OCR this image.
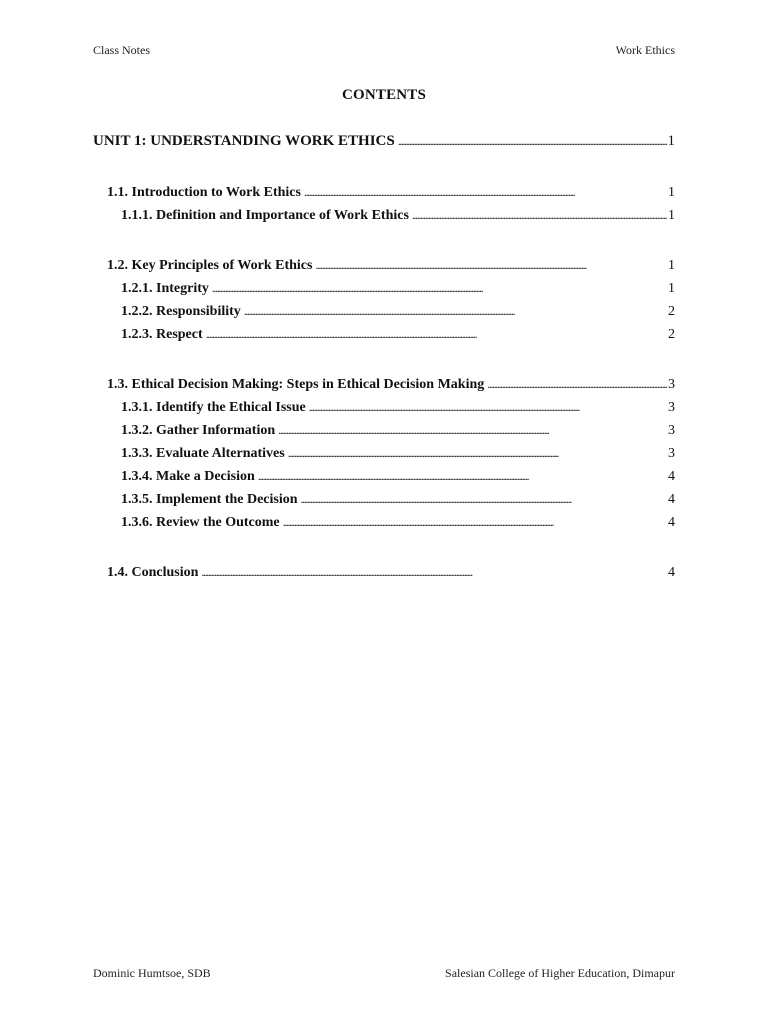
Class Notes	Work Ethics
CONTENTS
UNIT 1: UNDERSTANDING WORK ETHICS . . .	1
1.1. Introduction to Work Ethics . . .	1
1.1.1. Definition and Importance of Work Ethics . . .	1
1.2. Key Principles of Work Ethics . . .	1
1.2.1. Integrity . . .	1
1.2.2. Responsibility . . .	2
1.2.3. Respect . . .	2
1.3. Ethical Decision Making: Steps in Ethical Decision Making . . .	3
1.3.1. Identify the Ethical Issue . . .	3
1.3.2. Gather Information . . .	3
1.3.3. Evaluate Alternatives . . .	3
1.3.4. Make a Decision . . .	4
1.3.5. Implement the Decision . . .	4
1.3.6. Review the Outcome . . .	4
1.4. Conclusion . . .	4
Dominic Humtsoe, SDB	Salesian College of Higher Education, Dimapur
